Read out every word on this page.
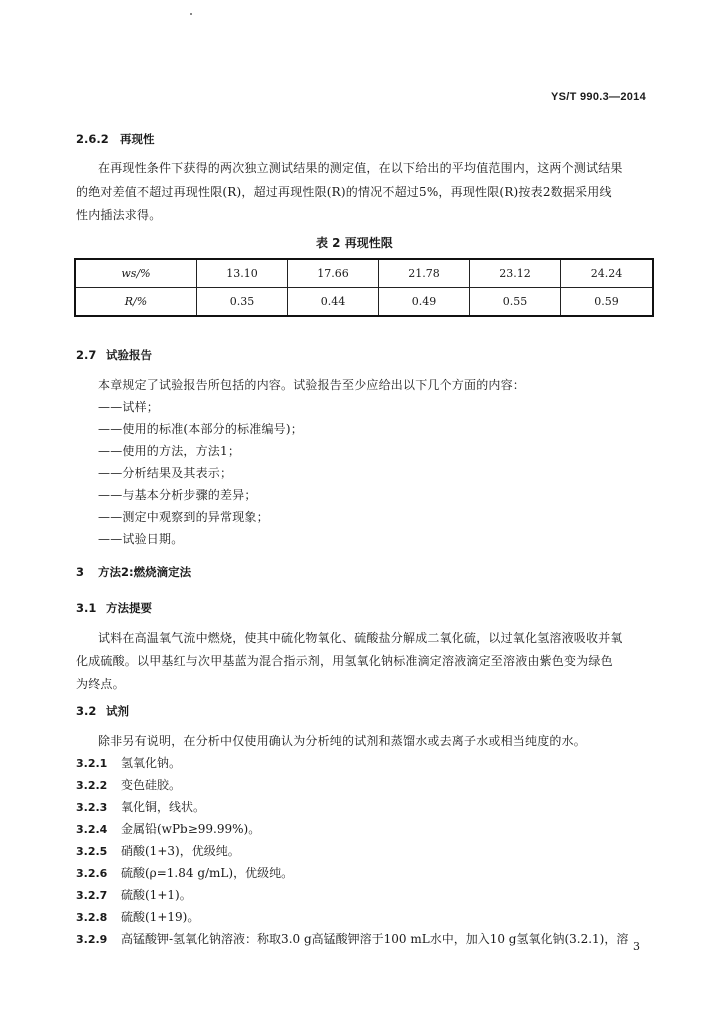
YS/T 990.3—2014
2.6.2 再现性
在再现性条件下获得的两次独立测试结果的测定值，在以下给出的平均值范围内，这两个测试结果
的绝对差值不超过再现性限(R)，超过再现性限(R)的情况不超过5%，再现性限(R)按表2数据采用线
性内插法求得。
表 2 再现性限
ws/%	13.10	17.66	21.78	23.12	24.24
R/%	0.35	0.44	0.49	0.55	0.59
2.7 试验报告
本章规定了试验报告所包括的内容。试验报告至少应给出以下几个方面的内容：
——试样；
——使用的标准(本部分的标准编号)；
——使用的方法，方法1；
——分析结果及其表示；
——与基本分析步骤的差异；
——测定中观察到的异常现象；
——试验日期。
3 方法2:燃烧滴定法
3.1 方法提要
试料在高温氧气流中燃烧，使其中硫化物氧化、硫酸盐分解成二氧化硫，以过氧化氢溶液吸收并氧
化成硫酸。以甲基红与次甲基蓝为混合指示剂，用氢氧化钠标准滴定溶液滴定至溶液由紫色变为绿色
为终点。
3.2 试剂
除非另有说明，在分析中仅使用确认为分析纯的试剂和蒸馏水或去离子水或相当纯度的水。
3.2.1 氢氧化钠。
3.2.2 变色硅胶。
3.2.3 氧化铜，线状。
3.2.4 金属铅(wPb≥99.99%)。
3.2.5 硝酸(1+3)，优级纯。
3.2.6 硫酸(ρ=1.84 g/mL)，优级纯。
3.2.7 硫酸(1+1)。
3.2.8 硫酸(1+19)。
3.2.9 高锰酸钾-氢氧化钠溶液：称取3.0 g高锰酸钾溶于100 mL水中，加入10 g氢氧化钠(3.2.1)，溶
3
